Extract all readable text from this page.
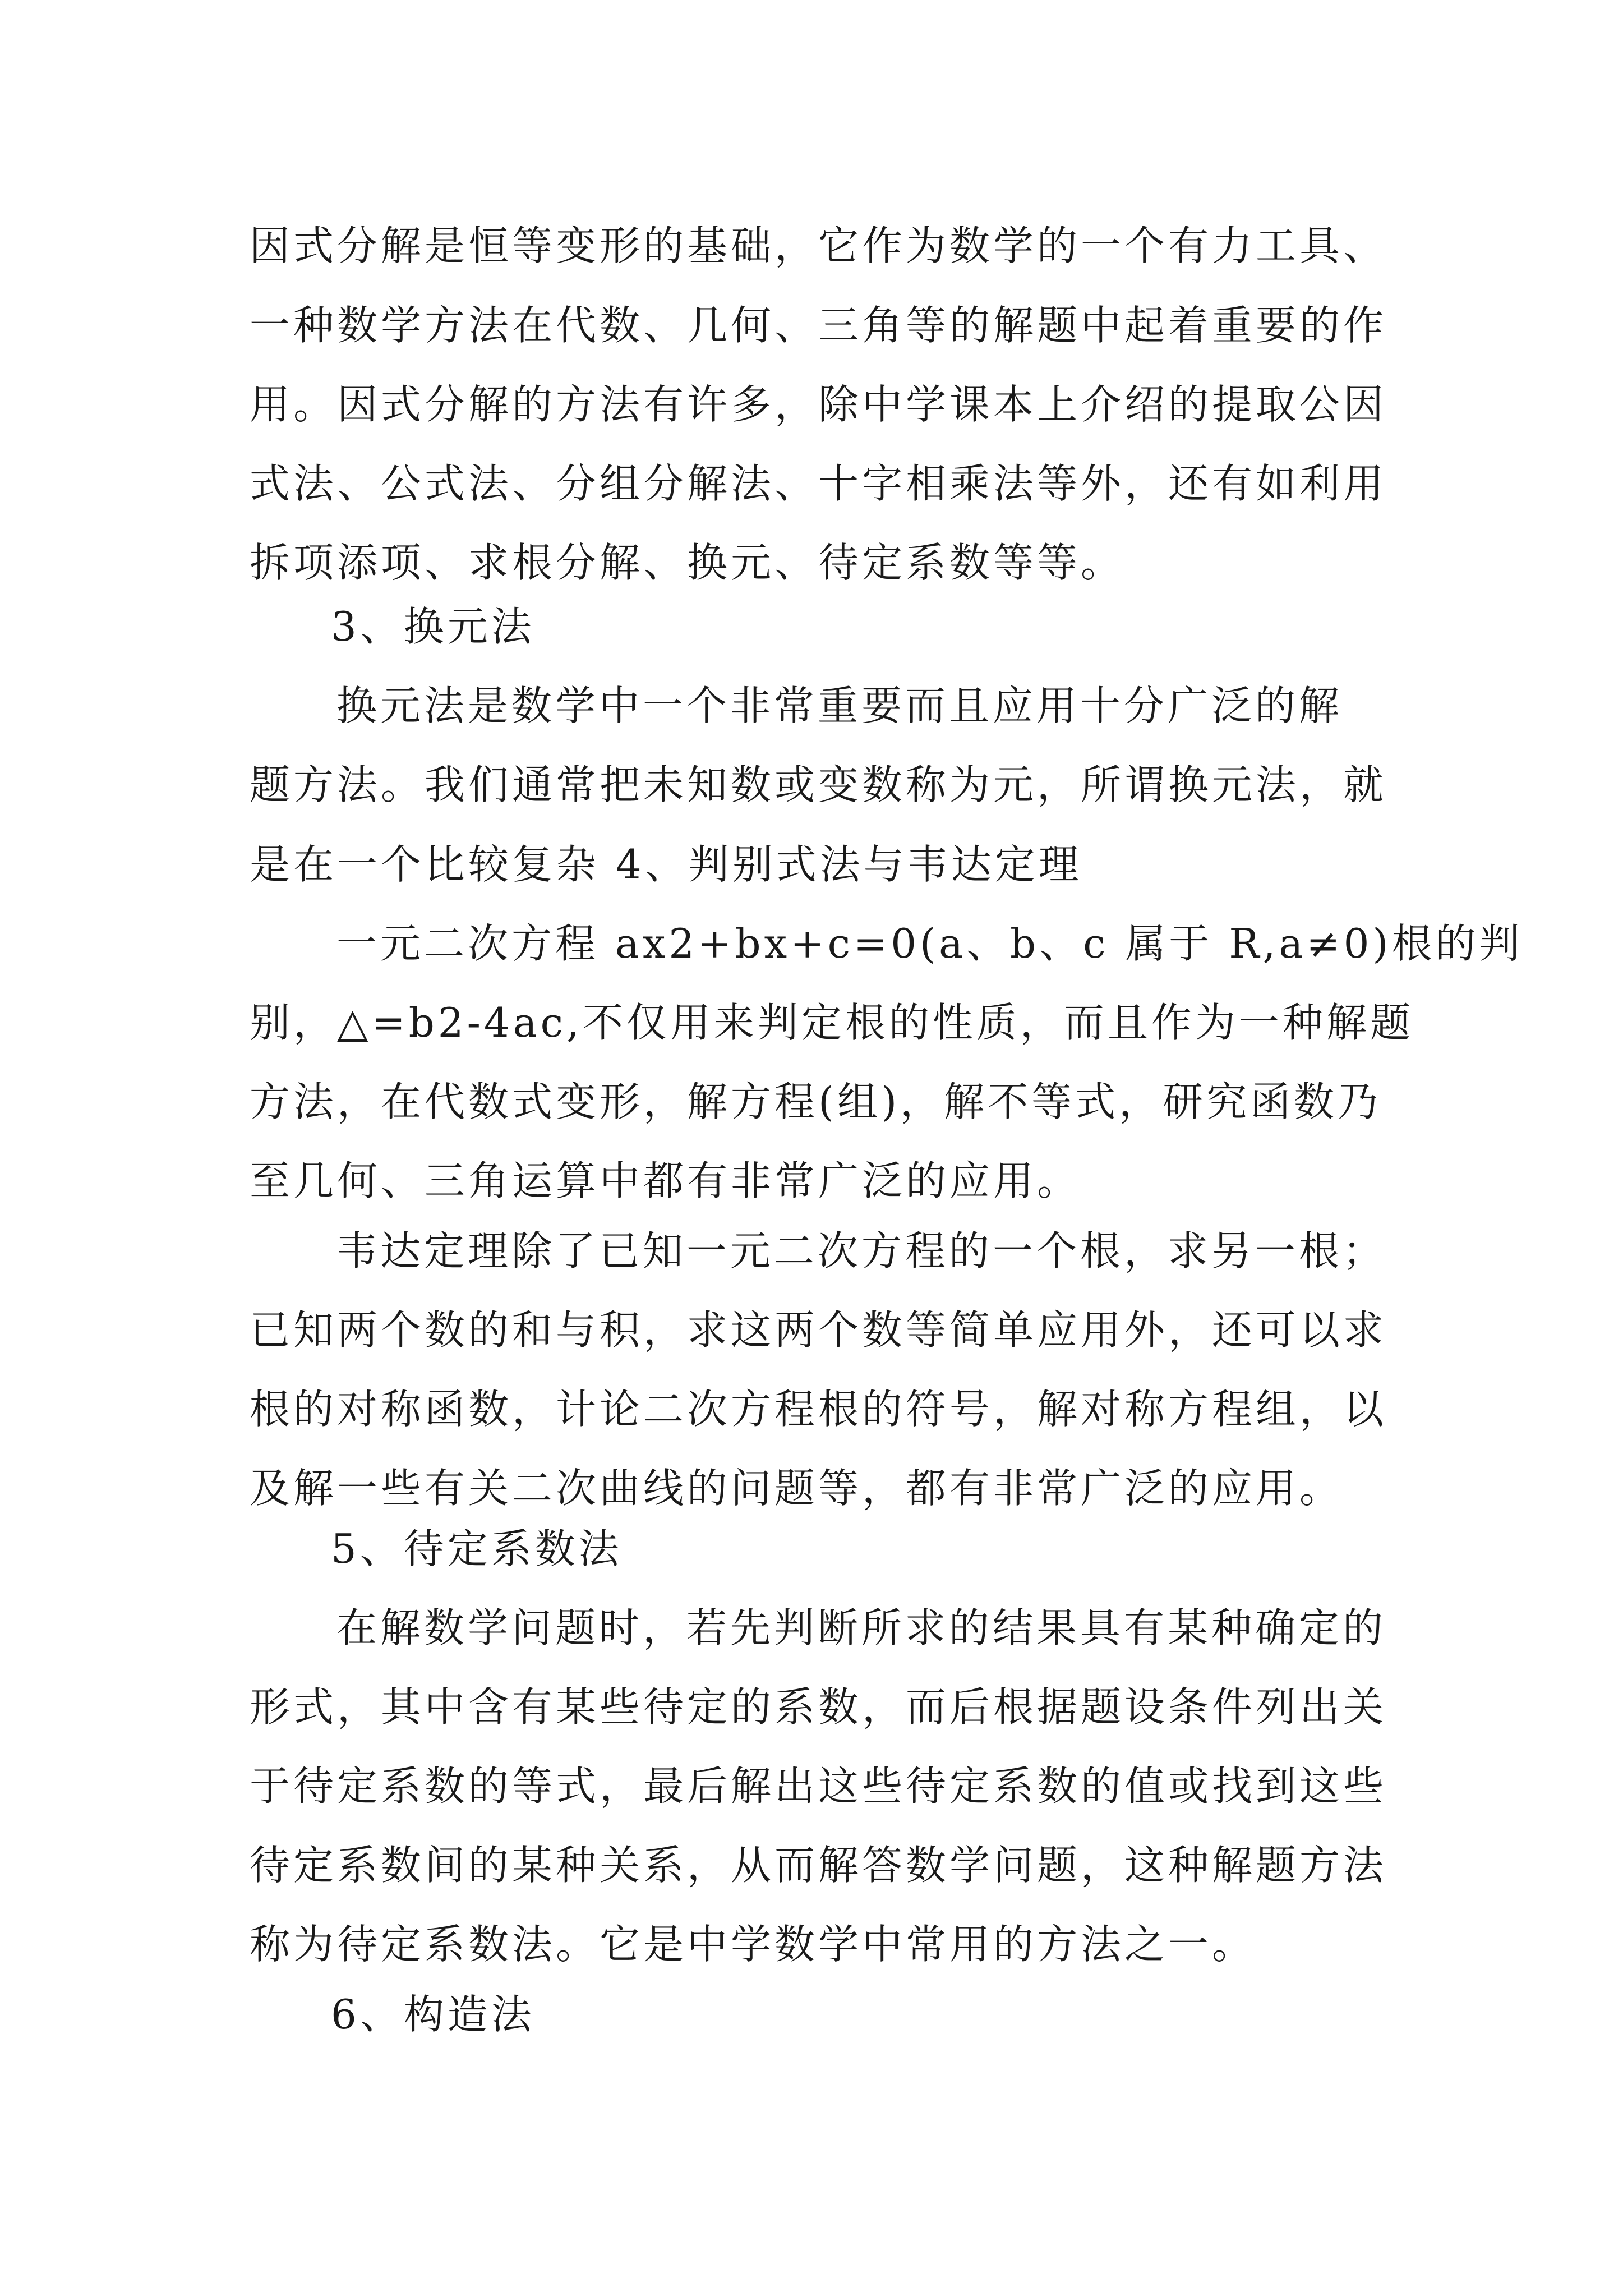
因式分解是恒等变形的基础，它作为数学的一个有力工具、
一种数学方法在代数、几何、三角等的解题中起着重要的作
用。因式分解的方法有许多，除中学课本上介绍的提取公因
式法、公式法、分组分解法、十字相乘法等外，还有如利用
拆项添项、求根分解、换元、待定系数等等。
3、换元法
换元法是数学中一个非常重要而且应用十分广泛的解
题方法。我们通常把未知数或变数称为元，所谓换元法，就
是在一个比较复杂 4、判别式法与韦达定理
一元二次方程 ax2+bx+c=0(a、b、c 属于 R,a≠0)根的判
别，△=b2-4ac,不仅用来判定根的性质，而且作为一种解题
方法，在代数式变形，解方程(组)，解不等式，研究函数乃
至几何、三角运算中都有非常广泛的应用。
韦达定理除了已知一元二次方程的一个根，求另一根；
已知两个数的和与积，求这两个数等简单应用外，还可以求
根的对称函数，计论二次方程根的符号，解对称方程组，以
及解一些有关二次曲线的问题等，都有非常广泛的应用。
5、待定系数法
在解数学问题时，若先判断所求的结果具有某种确定的
形式，其中含有某些待定的系数，而后根据题设条件列出关
于待定系数的等式，最后解出这些待定系数的值或找到这些
待定系数间的某种关系，从而解答数学问题，这种解题方法
称为待定系数法。它是中学数学中常用的方法之一。
6、构造法
